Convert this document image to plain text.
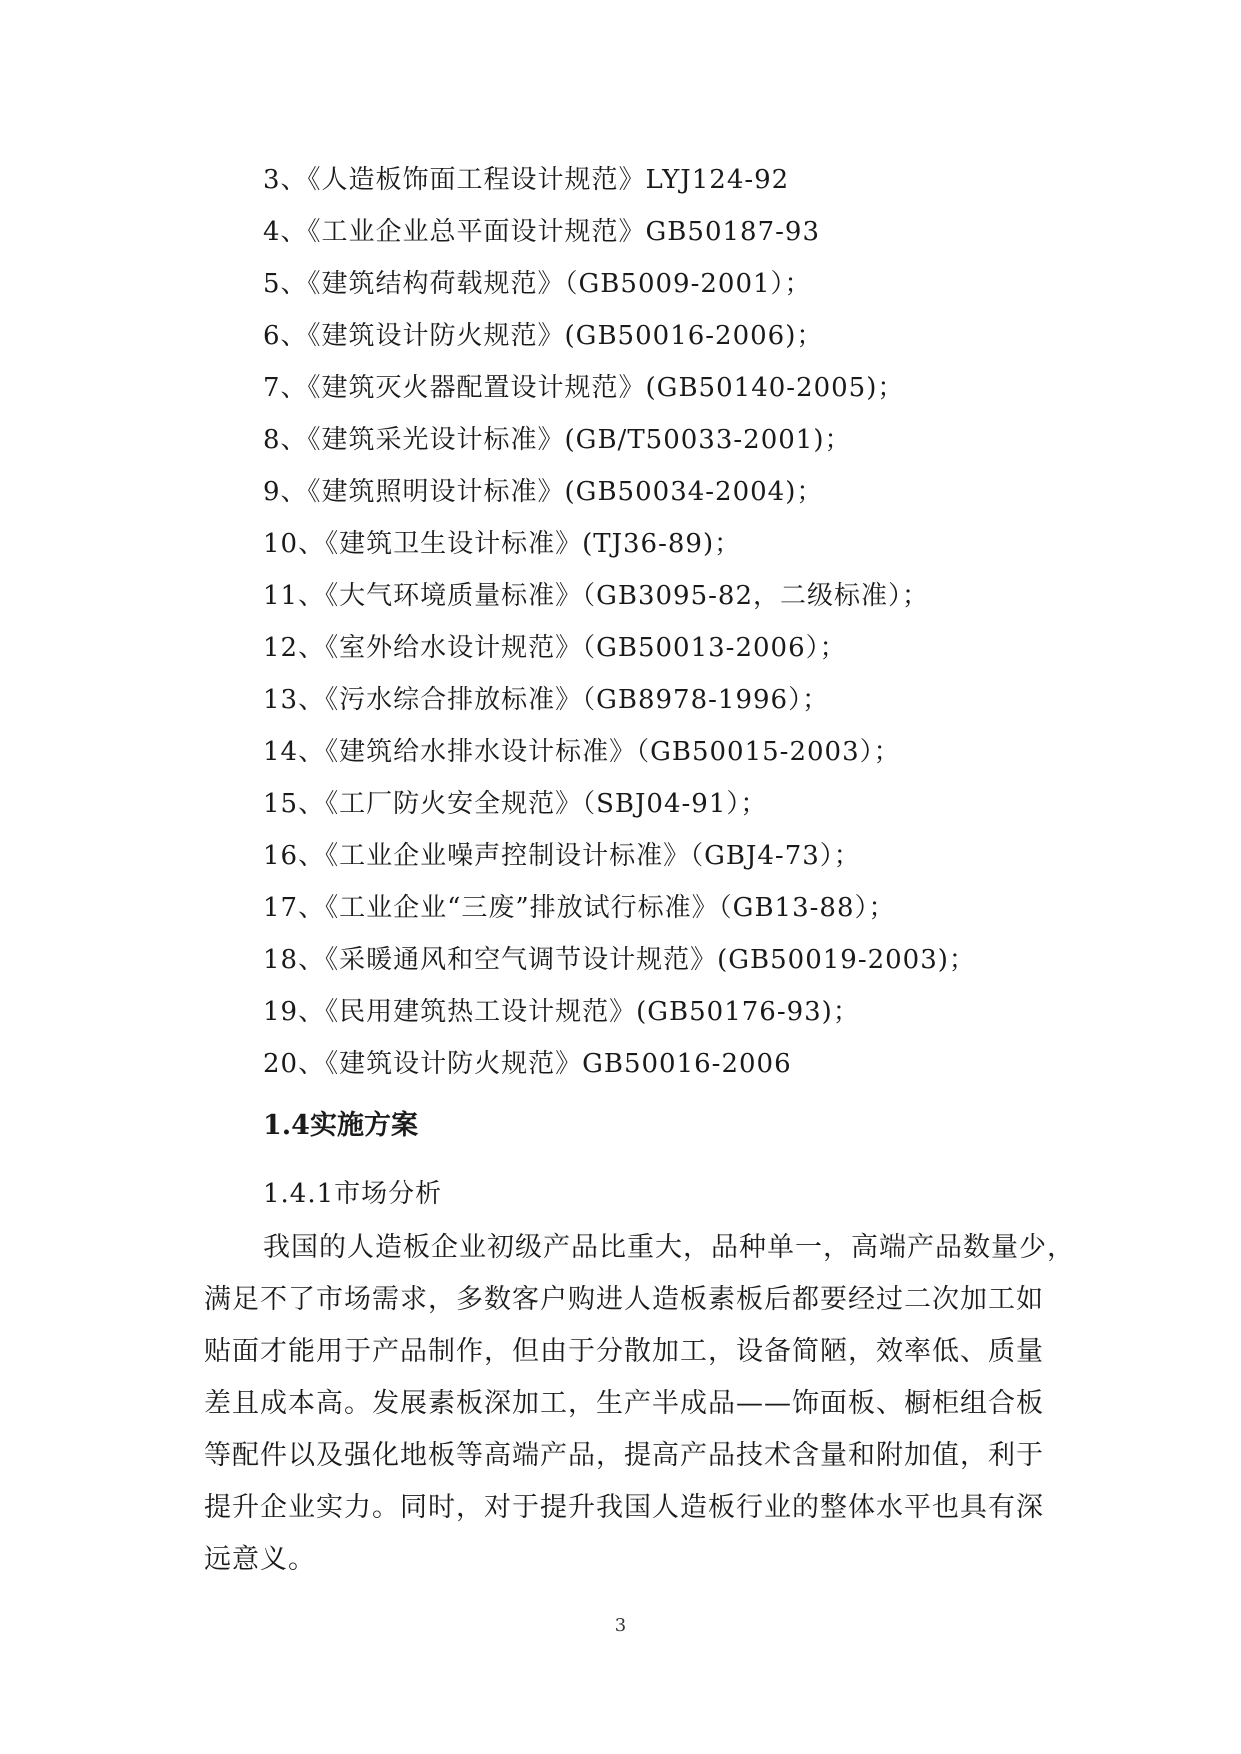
3、《人造板饰面工程设计规范》LYJ124-92
4、《工业企业总平面设计规范》GB50187-93
5、《建筑结构荷载规范》（GB5009-2001）；
6、《建筑设计防火规范》(GB50016-2006)；
7、《建筑灭火器配置设计规范》(GB50140-2005)；
8、《建筑采光设计标准》(GB/T50033-2001)；
9、《建筑照明设计标准》(GB50034-2004)；
10、《建筑卫生设计标准》(TJ36-89)；
11、《大气环境质量标准》（GB3095-82，二级标准）；
12、《室外给水设计规范》（GB50013-2006）；
13、《污水综合排放标准》（GB8978-1996）；
14、《建筑给水排水设计标准》（GB50015-2003）；
15、《工厂防火安全规范》（SBJ04-91）；
16、《工业企业噪声控制设计标准》（GBJ4-73）；
17、《工业企业“三废”排放试行标准》（GB13-88）；
18、《采暖通风和空气调节设计规范》(GB50019-2003)；
19、《民用建筑热工设计规范》(GB50176-93)；
20、《建筑设计防火规范》GB50016-2006
1.4实施方案
1.4.1市场分析
我国的人造板企业初级产品比重大，品种单一，高端产品数量少，
满足不了市场需求，多数客户购进人造板素板后都要经过二次加工如
贴面才能用于产品制作，但由于分散加工，设备简陋，效率低、质量
差且成本高。发展素板深加工，生产半成品——饰面板、橱柜组合板
等配件以及强化地板等高端产品，提高产品技术含量和附加值，利于
提升企业实力。同时，对于提升我国人造板行业的整体水平也具有深
远意义。
3
